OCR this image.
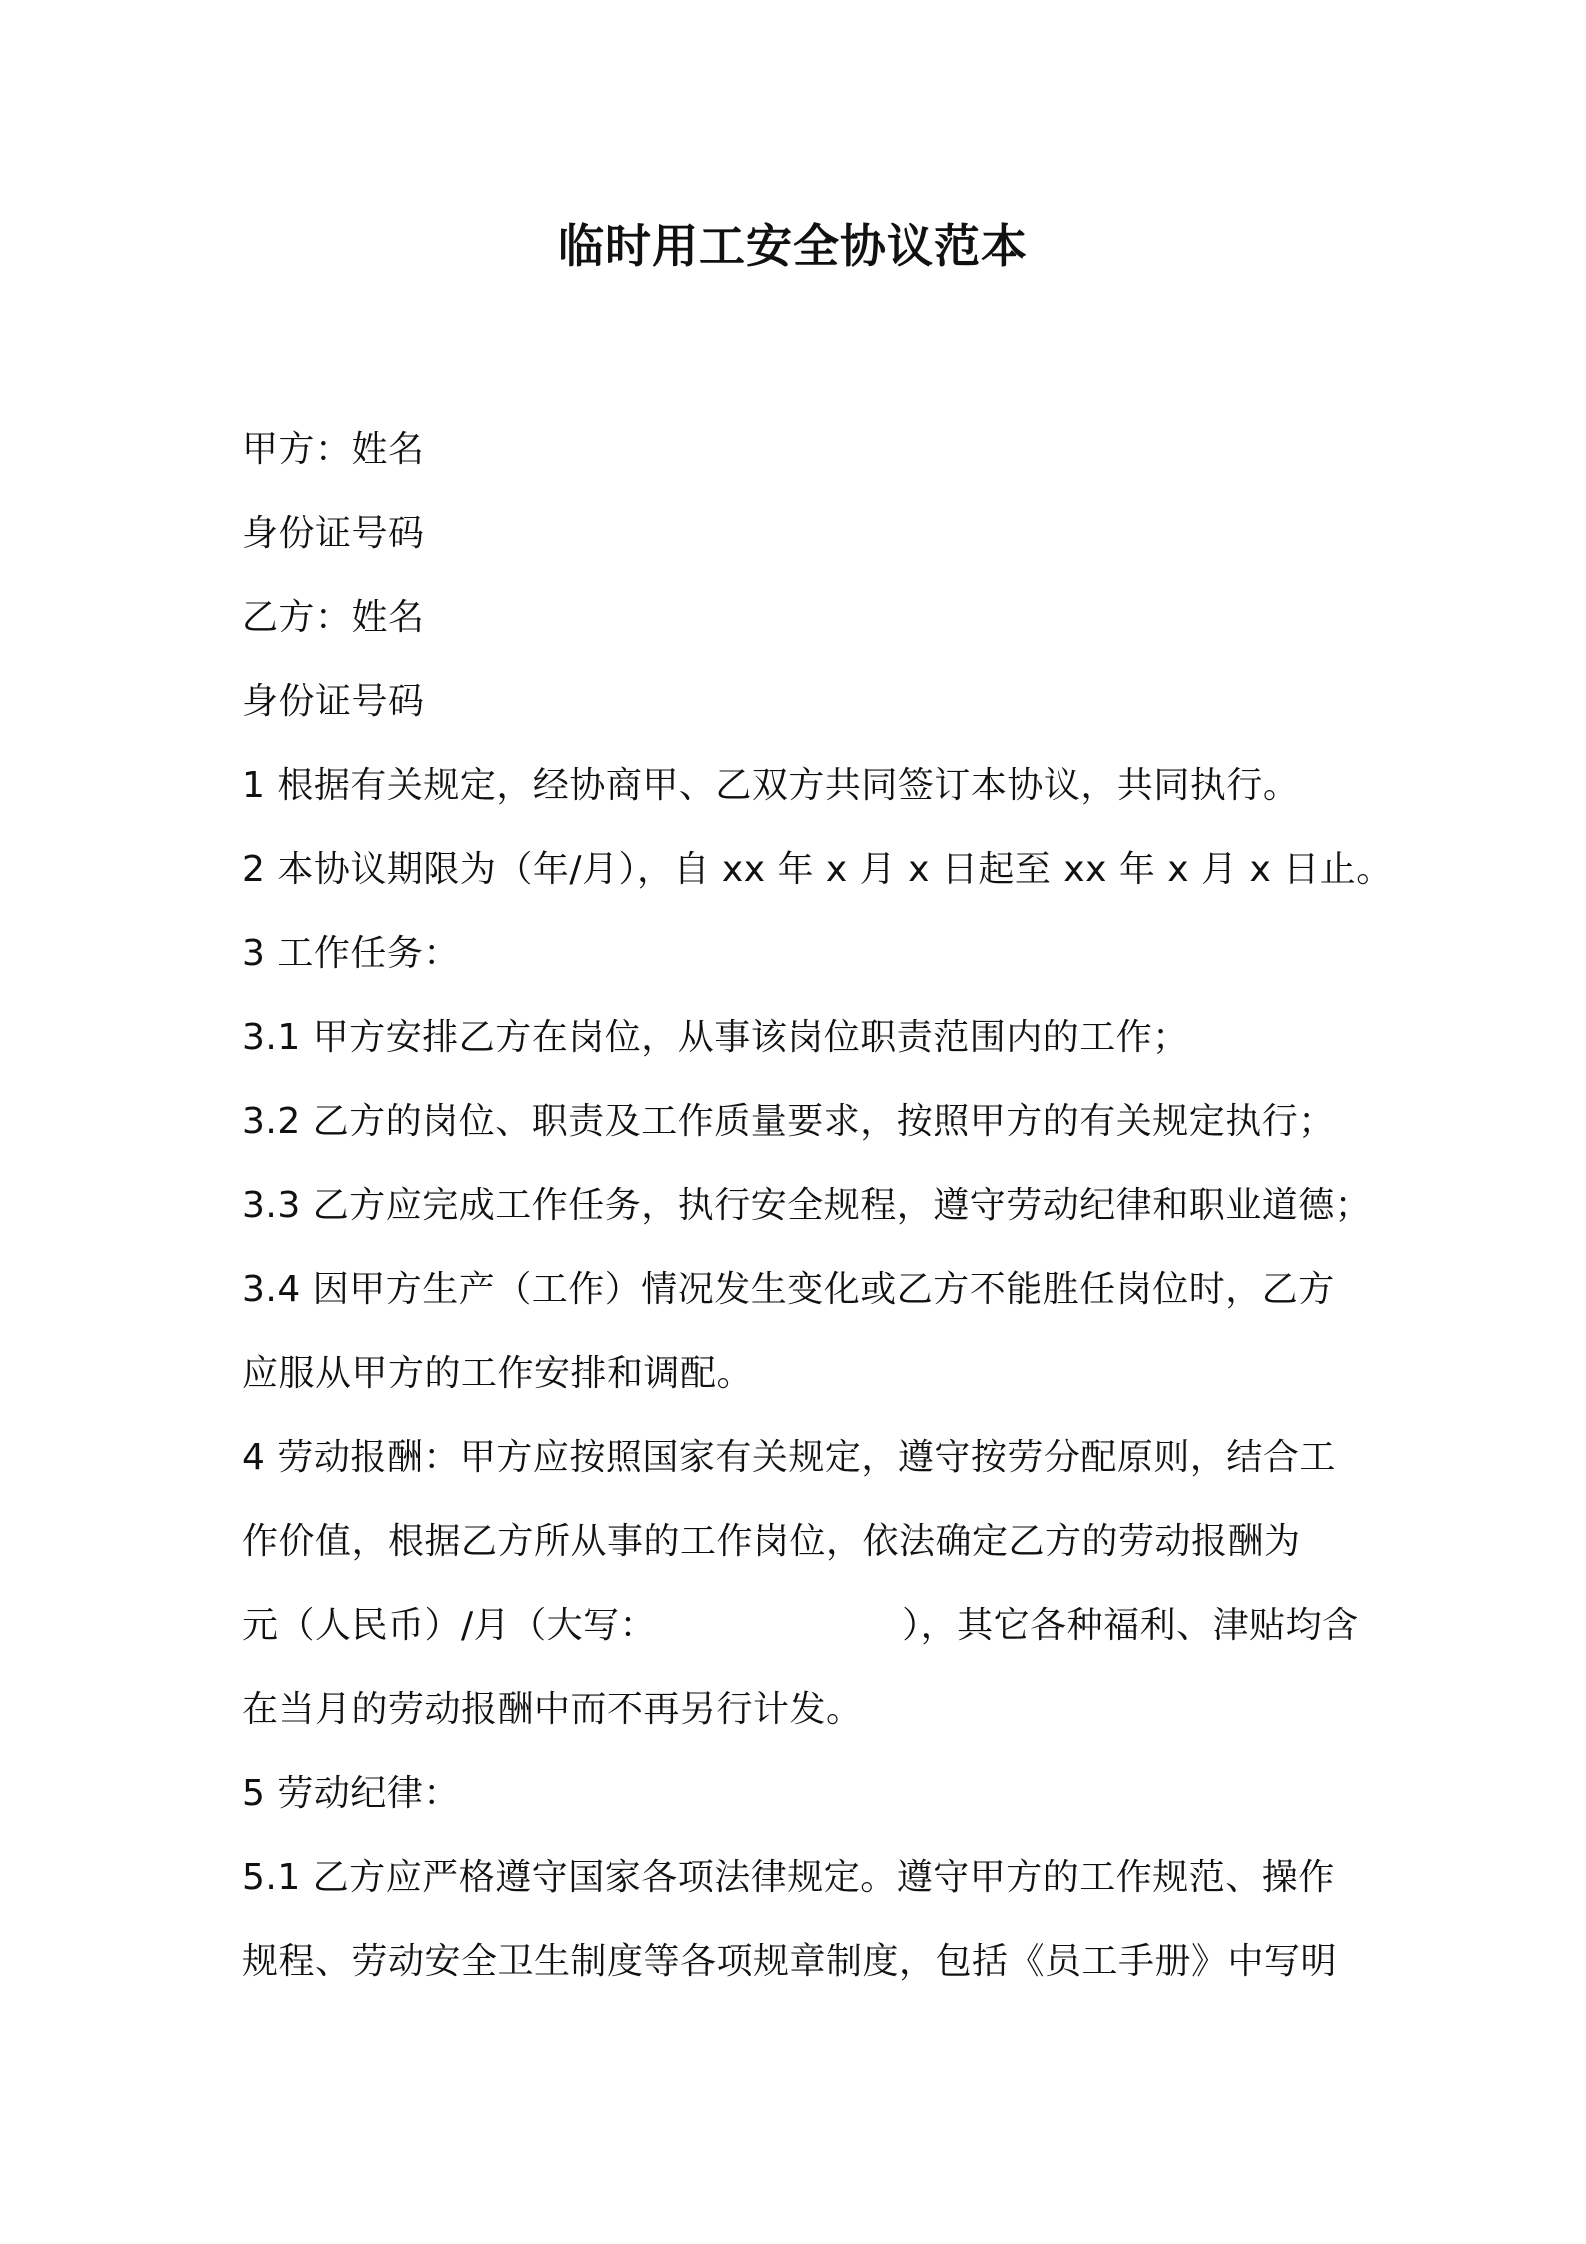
临时用工安全协议范本
甲方：姓名
身份证号码
乙方：姓名
身份证号码
1 根据有关规定，经协商甲、乙双方共同签订本协议，共同执行。
2 本协议期限为（年/月），自 xx 年 x 月 x 日起至 xx 年 x 月 x 日止。
3 工作任务：
3.1 甲方安排乙方在岗位，从事该岗位职责范围内的工作；
3.2 乙方的岗位、职责及工作质量要求，按照甲方的有关规定执行；
3.3 乙方应完成工作任务，执行安全规程，遵守劳动纪律和职业道德；
3.4 因甲方生产（工作）情况发生变化或乙方不能胜任岗位时，乙方
应服从甲方的工作安排和调配。
4 劳动报酬：甲方应按照国家有关规定，遵守按劳分配原则，结合工
作价值，根据乙方所从事的工作岗位，依法确定乙方的劳动报酬为
元（人民币）/月（大写：	），其它各种福利、津贴均含
在当月的劳动报酬中而不再另行计发。
5 劳动纪律：
5.1 乙方应严格遵守国家各项法律规定。遵守甲方的工作规范、操作
规程、劳动安全卫生制度等各项规章制度，包括《员工手册》中写明
